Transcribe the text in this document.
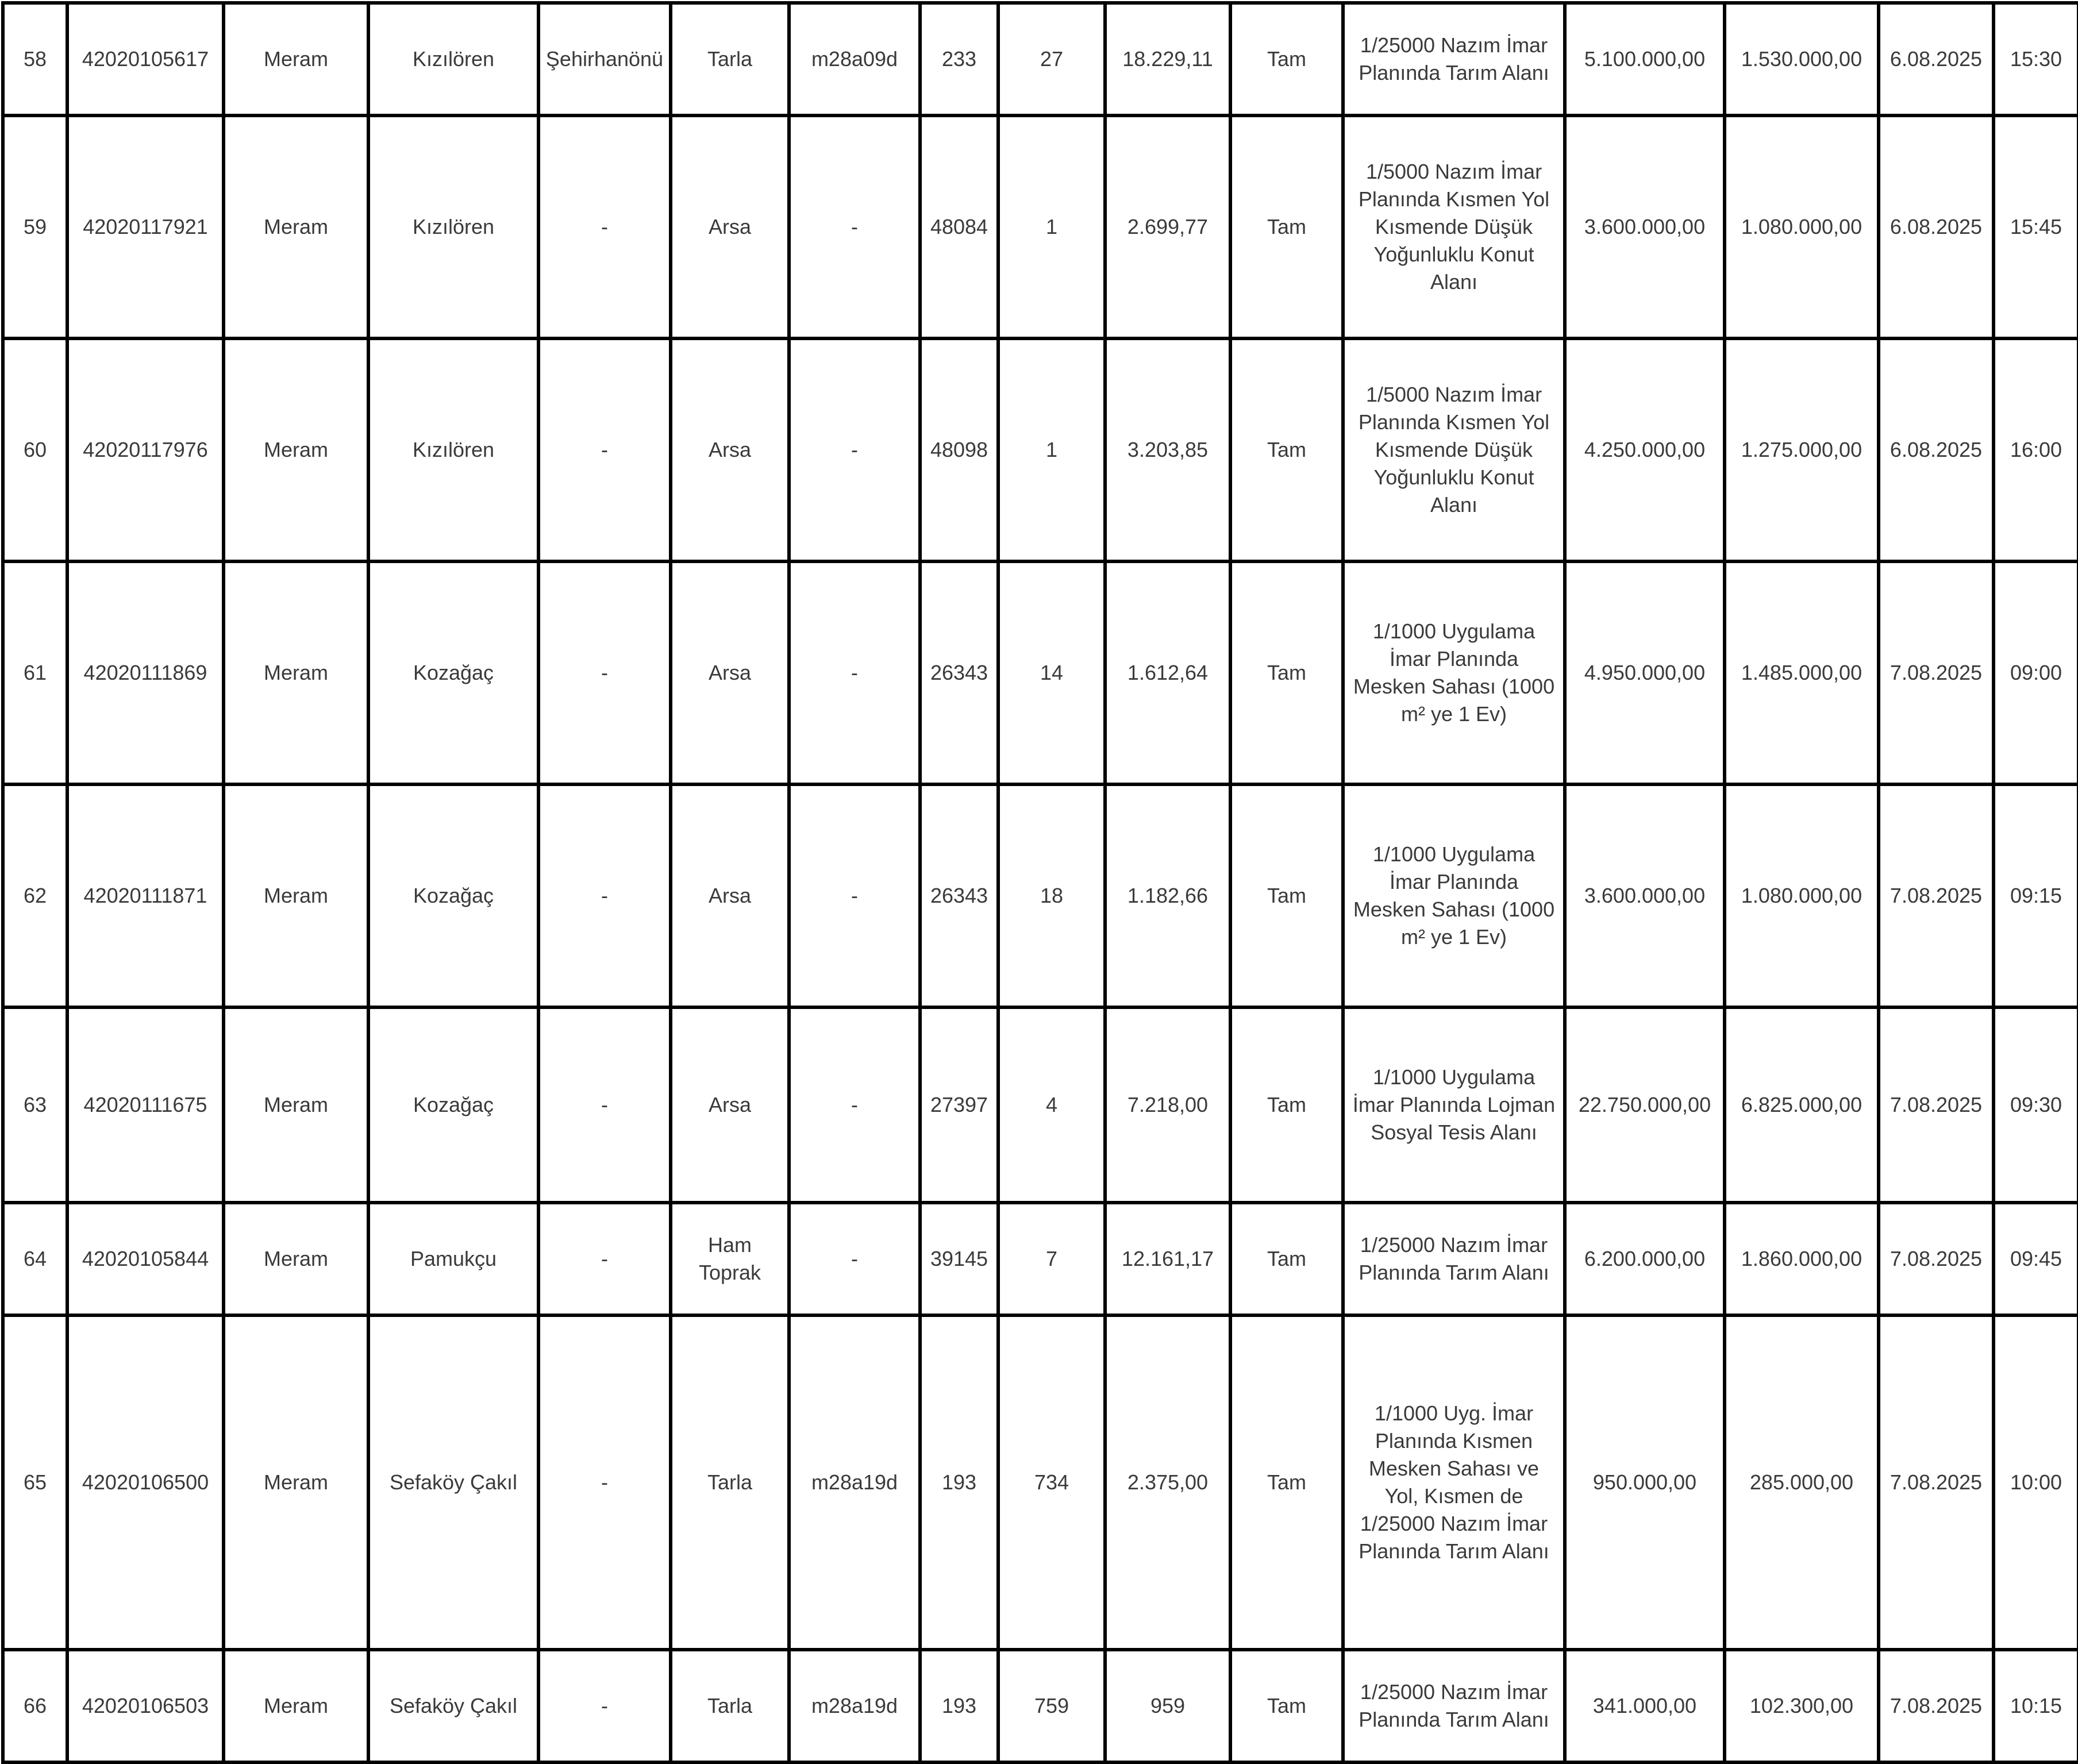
58	42020105617	Meram	Kızılören	Şehirhanönü	Tarla	m28a09d	233	27	18.229,11	Tam	1/25000 Nazım İmar Planında Tarım Alanı	5.100.000,00	1.530.000,00	6.08.2025	15:30
59	42020117921	Meram	Kızılören	-	Arsa	-	48084	1	2.699,77	Tam	1/5000 Nazım İmar Planında Kısmen Yol Kısmende Düşük Yoğunluklu Konut Alanı	3.600.000,00	1.080.000,00	6.08.2025	15:45
60	42020117976	Meram	Kızılören	-	Arsa	-	48098	1	3.203,85	Tam	1/5000 Nazım İmar Planında Kısmen Yol Kısmende Düşük Yoğunluklu Konut Alanı	4.250.000,00	1.275.000,00	6.08.2025	16:00
61	42020111869	Meram	Kozağaç	-	Arsa	-	26343	14	1.612,64	Tam	1/1000 Uygulama İmar Planında Mesken Sahası (1000 m² ye 1 Ev)	4.950.000,00	1.485.000,00	7.08.2025	09:00
62	42020111871	Meram	Kozağaç	-	Arsa	-	26343	18	1.182,66	Tam	1/1000 Uygulama İmar Planında Mesken Sahası (1000 m² ye 1 Ev)	3.600.000,00	1.080.000,00	7.08.2025	09:15
63	42020111675	Meram	Kozağaç	-	Arsa	-	27397	4	7.218,00	Tam	1/1000 Uygulama İmar Planında Lojman Sosyal Tesis Alanı	22.750.000,00	6.825.000,00	7.08.2025	09:30
64	42020105844	Meram	Pamukçu	-	Ham Toprak	-	39145	7	12.161,17	Tam	1/25000 Nazım İmar Planında Tarım Alanı	6.200.000,00	1.860.000,00	7.08.2025	09:45
65	42020106500	Meram	Sefaköy Çakıl	-	Tarla	m28a19d	193	734	2.375,00	Tam	1/1000 Uyg. İmar Planında Kısmen Mesken Sahası ve Yol, Kısmen de 1/25000 Nazım İmar Planında Tarım Alanı	950.000,00	285.000,00	7.08.2025	10:00
66	42020106503	Meram	Sefaköy Çakıl	-	Tarla	m28a19d	193	759	959	Tam	1/25000 Nazım İmar Planında Tarım Alanı	341.000,00	102.300,00	7.08.2025	10:15
